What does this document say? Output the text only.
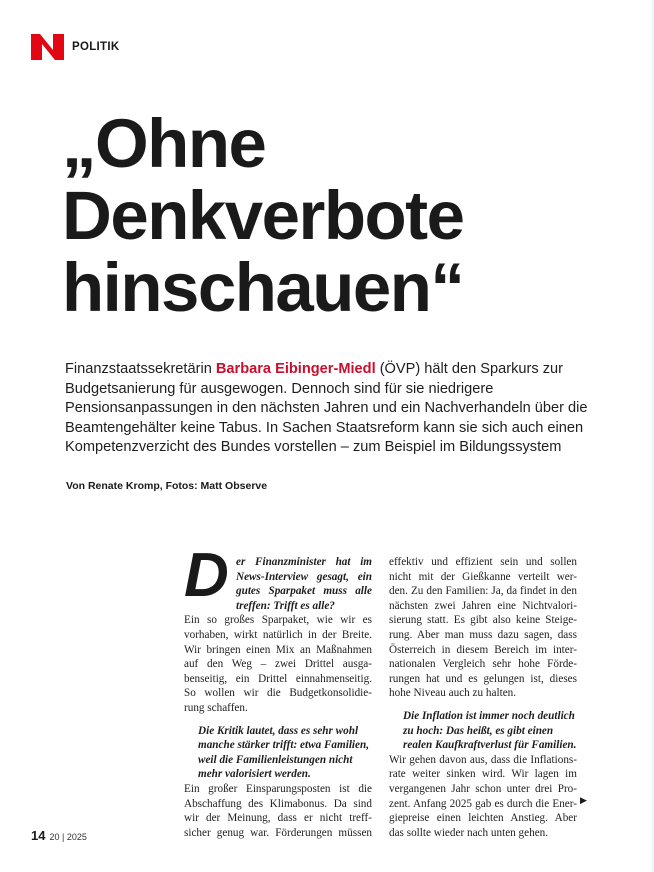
POLITIK
„Ohne
Denkverbote
hinschauen“

Finanzstaatssekretärin Barbara Eibinger-Miedl (ÖVP) hält den Sparkurs zur Budgetsanierung für ausgewogen. Dennoch sind für sie niedrigere Pensionsanpassungen in den nächsten Jahren und ein Nachverhandeln über die Beamtengehälter keine Tabus. In Sachen Staatsreform kann sie sich auch einen Kompetenzverzicht des Bundes vorstellen – zum Beispiel im Bildungssystem

Von Renate Kromp, Fotos: Matt Observe
D er Finanzminister hat im
News-Interview gesagt, ein
gutes Sparpaket muss alle
treffen: Trifft es alle?
Ein so großes Sparpaket, wie wir es
vorhaben, wirkt natürlich in der Breite.
Wir bringen einen Mix an Maßnahmen
auf den Weg – zwei Drittel ausga-
benseitig, ein Drittel einnahmenseitig.
So wollen wir die Budgetkonsolidie-
rung schaffen.
Die Kritik lautet, dass es sehr wohl
manche stärker trifft: etwa Familien,
weil die Familienleistungen nicht
mehr valorisiert werden.
Ein großer Einsparungsposten ist die
Abschaffung des Klimabonus. Da sind
wir der Meinung, dass er nicht treff-
sicher genug war. Förderungen müssen
effektiv und effizient sein und sollen
nicht mit der Gießkanne verteilt wer-
den. Zu den Familien: Ja, da findet in den
nächsten zwei Jahren eine Nichtvalori-
sierung statt. Es gibt also keine Steige-
rung. Aber man muss dazu sagen, dass
Österreich in diesem Bereich im inter-
nationalen Vergleich sehr hohe Förde-
rungen hat und es gelungen ist, dieses
hohe Niveau auch zu halten.
Die Inflation ist immer noch deutlich
zu hoch: Das heißt, es gibt einen
realen Kaufkraftverlust für Familien.
Wir gehen davon aus, dass die Inflations-
rate weiter sinken wird. Wir lagen im
vergangenen Jahr schon unter drei Pro-
zent. Anfang 2025 gab es durch die Ener-
giepreise einen leichten Anstieg. Aber
das sollte wieder nach unten gehen.
▶
14 20 | 2025
